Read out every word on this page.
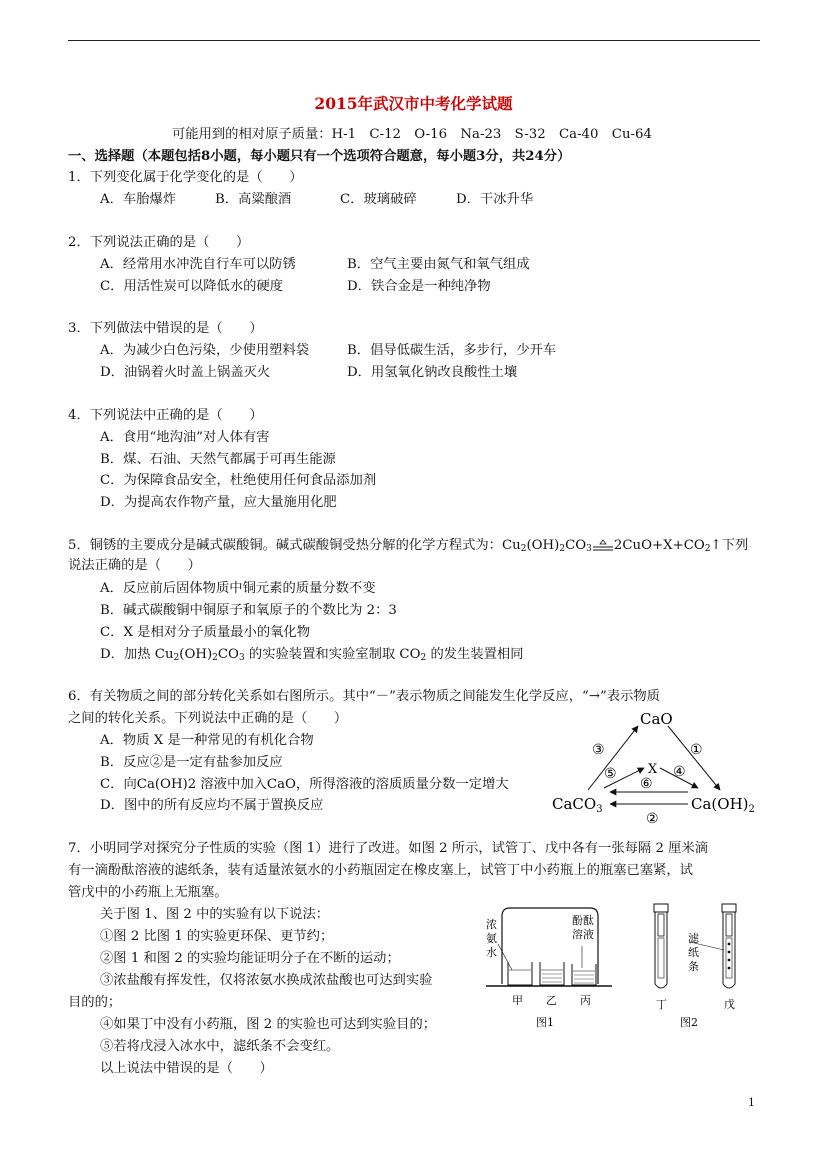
2015年武汉市中考化学试题
可能用到的相对原子质量：H-1　C-12　O-16　Na-23　S-32　Ca-40　Cu-64
一、选择题（本题包括8小题，每小题只有一个选项符合题意，每小题3分，共24分）
1．下列变化属于化学变化的是（　　）
A．车胎爆炸	B．高粱酿酒	C．玻璃破碎	D．干冰升华
2．下列说法正确的是（　　）
A．经常用水冲洗自行车可以防锈	B．空气主要由氮气和氧气组成
C．用活性炭可以降低水的硬度	D．铁合金是一种纯净物
3．下列做法中错误的是（　　）
A．为减少白色污染，少使用塑料袋	B．倡导低碳生活，多步行，少开车
D．油锅着火时盖上锅盖灭火	D．用氢氧化钠改良酸性土壤
4．下列说法中正确的是（　　）
A．食用“地沟油”对人体有害
B．煤、石油、天然气都属于可再生能源
C．为保障食品安全，杜绝使用任何食品添加剂
D．为提高农作物产量，应大量施用化肥
5．铜锈的主要成分是碱式碳酸铜。碱式碳酸铜受热分解的化学方程式为：$Cu_2(OH)_2CO_3$ $2CuO+X+CO_2↑$下列
说法正确的是（　　）
A．反应前后固体物质中铜元素的质量分数不变
B．碱式碳酸铜中铜原子和氧原子的个数比为 2：3
C．X 是相对分子质量最小的氧化物
D．加热 $Cu_2(OH)_2CO_3$ 的实验装置和实验室制取 $CO_2$ 的发生装置相同
6．有关物质之间的部分转化关系如右图所示。其中“－”表示物质之间能发生化学反应，“→”表示物质
之间的转化关系。下列说法中正确的是（　　）
A．物质 X 是一种常见的有机化合物
B．反应②是一定有盐参加反应
C．向Ca(OH)2 溶液中加入CaO，所得溶液的溶质质量分数一定增大
D．图中的所有反应均不属于置换反应
CaO
CaCO$_3$	$Ca(OH)_2$
X
③	①
⑤	④
⑥
②
7．小明同学对探究分子性质的实验（图 1）进行了改进。如图 2 所示，试管丁、戊中各有一张每隔 2 厘米滴
有一滴酚酞溶液的滤纸条，装有适量浓氨水的小药瓶固定在橡皮塞上，试管丁中小药瓶上的瓶塞已塞紧，试
管戊中的小药瓶上无瓶塞。
关于图 1、图 2 中的实验有以下说法：
①图 2 比图 1 的实验更环保、更节约；
②图 1 和图 2 的实验均能证明分子在不断的运动；
③浓盐酸有挥发性，仅将浓氨水换成浓盐酸也可达到实验
目的的；
④如果丁中没有小药瓶，图 2 的实验也可达到实验目的；
⑤若将戊浸入冰水中，滤纸条不会变红。
以上说法中错误的是（　　）
浓
氨
水
酚酞
溶液
甲 乙 丙
图1
滤
纸
条
丁	戊
图2
1
